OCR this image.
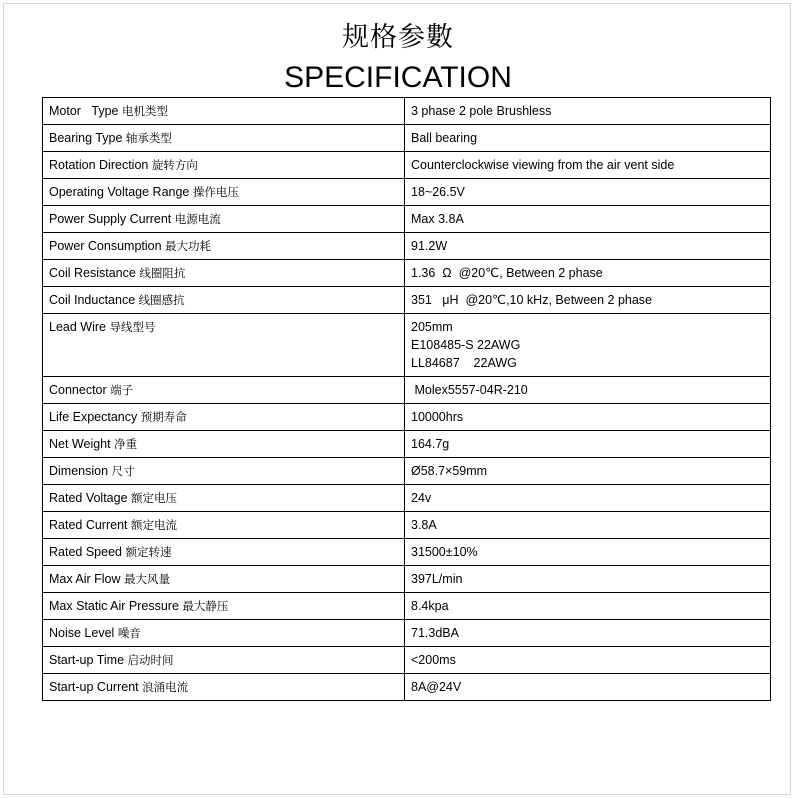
规格参數
SPECIFICATION
Motor   Type 电机类型	3 phase 2 pole Brushless

Bearing Type 轴承类型	Ball bearing

Rotation Direction 旋转方向	Counterclockwise viewing from the air vent side

Operating Voltage Range 操作电压	18~26.5V

Power Supply Current 电源电流	Max 3.8A

Power Consumption 最大功耗	91.2W

Coil Resistance 线圈阻抗	1.36  Ω  @20℃, Between 2 phase

Coil Inductance 线圈感抗	351   μH  @20℃,10 kHz, Between 2 phase

Lead Wire 导线型号	205mm
E108485-S 22AWG
LL84687    22AWG

Connector 端子	Molex5557-04R-210

Life Expectancy 预期寿命	10000hrs

Net Weight 净重	164.7g

Dimension 尺寸	Ø58.7×59mm

Rated Voltage 额定电压	24v

Rated Current 额定电流	3.8A

Rated Speed 额定转速	31500±10%

Max Air Flow 最大风量	397L/min

Max Static Air Pressure 最大静压	8.4kpa

Noise Level 噪音	71.3dBA

Start-up Time 启动时间	<200ms

Start-up Current 浪涌电流	8A@24V
